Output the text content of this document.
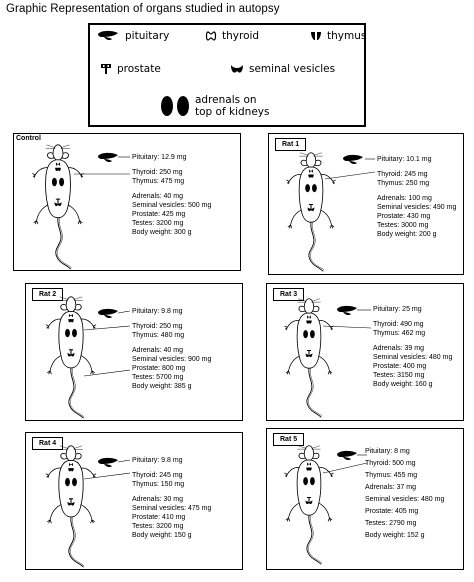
Graphic Representation of organs studied in autopsy
pituitary	thyroid	thymus
prostate	seminal vesicles
adrenals on
top of kidneys
Control
Pituitary: 12.9 mg
Thyroid: 250 mg
Thymus: 475 mg
Adrenals: 40 mg
Seminal vesicles: 500 mg
Prostate: 425 mg
Testes: 3200 mg
Body weight: 300 g
Rat 1
Pituitary: 10.1 mg
Thyroid: 245 mg
Thymus: 250 mg
Adrenals: 100 mg
Seminal vesicles: 490 mg
Prostate: 430 mg
Testes: 3000 mg
Body weight: 200 g
Rat 2
Pituitary: 9.8 mg
Thyroid: 250 mg
Thymus: 480 mg
Adrenals: 40 mg
Seminal vesicles: 900 mg
Prostate: 800 mg
Testes: 5700 mg
Body weight: 385 g
Rat 3
Pituitary: 25 mg
Thyroid: 490 mg
Thymus: 462 mg
Adrenals: 39 mg
Seminal vesicles: 480 mg
Prostate: 400 mg
Testes: 3150 mg
Body weight: 160 g
Rat 4
Pituitary: 9.8 mg
Thyroid: 245 mg
Thymus: 150 mg
Adrenals: 30 mg
Seminal vesicles: 475 mg
Prostate: 410 mg
Testes: 3200 mg
Body weight: 150 g
Rat 5
Pituitary: 8 mg
Thyroid: 500 mg
Thymus: 455 mg
Adrenals: 37 mg
Seminal vesicles: 480 mg
Prostate: 405 mg
Testes: 2790 mg
Body weight: 152 g
